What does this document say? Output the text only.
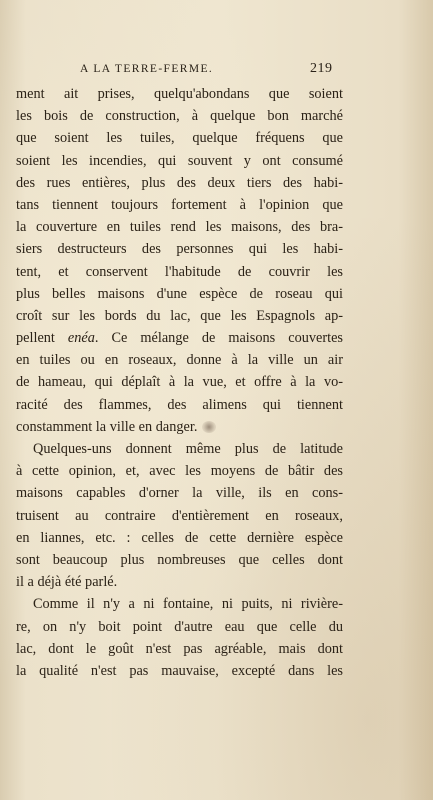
A LA TERRE-FERME.	219
ment ait prises, quelqu'abondans que soient
les bois de construction, à quelque bon marché
que soient les tuiles, quelque fréquens que
soient les incendies, qui souvent y ont consumé
des rues entières, plus des deux tiers des habi-
tans tiennent toujours fortement à l'opinion que
la couverture en tuiles rend les maisons, des bra-
siers destructeurs des personnes qui les habi-
tent, et conservent l'habitude de couvrir les
plus belles maisons d'une espèce de roseau qui
croît sur les bords du lac, que les Espagnols ap-
pellent enéa. Ce mélange de maisons couvertes
en tuiles ou en roseaux, donne à la ville un air
de hameau, qui déplaît à la vue, et offre à la vo-
racité des flammes, des alimens qui tiennent
constamment la ville en danger.
Quelques-uns donnent même plus de latitude
à cette opinion, et, avec les moyens de bâtir des
maisons capables d'orner la ville, ils en cons-
truisent au contraire d'entièrement en roseaux,
en liannes, etc. : celles de cette dernière espèce
sont beaucoup plus nombreuses que celles dont
il a déjà été parlé.
Comme il n'y a ni fontaine, ni puits, ni rivière-
re, on n'y boit point d'autre eau que celle du
lac, dont le goût n'est pas agréable, mais dont
la qualité n'est pas mauvaise, excepté dans les
